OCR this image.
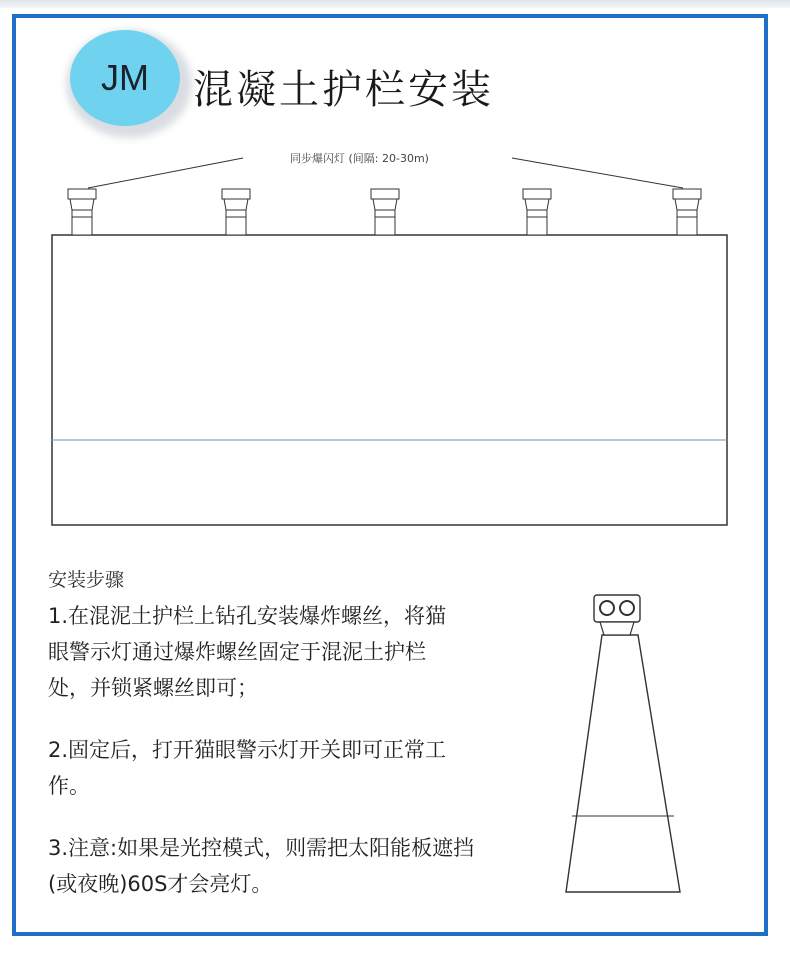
JM 混凝土护栏安装
同步爆闪灯 (间隔: 20-30m)
安装步骤

1.在混泥土护栏上钻孔安装爆炸螺丝，将猫眼警示灯通过爆炸螺丝固定于混泥土护栏处，并锁紧螺丝即可；

2.固定后，打开猫眼警示灯开关即可正常工作。

3.注意:如果是光控模式，则需把太阳能板遮挡(或夜晚)60S才会亮灯。
